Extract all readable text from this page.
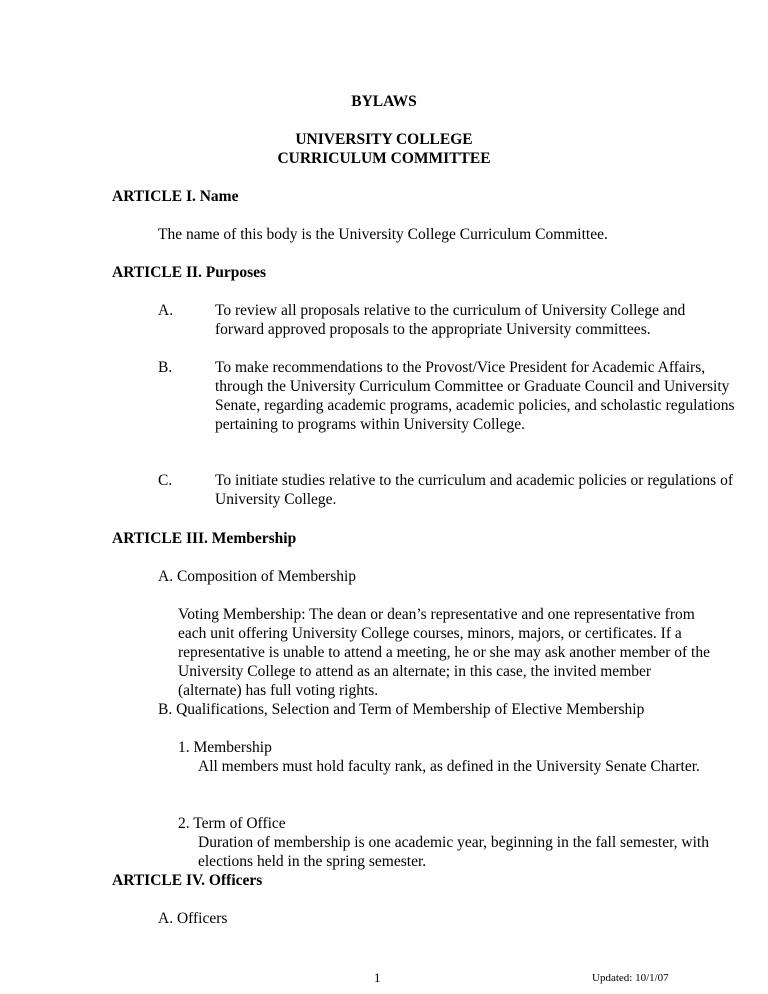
BYLAWS
UNIVERSITY COLLEGE
CURRICULUM COMMITTEE
ARTICLE I. Name
The name of this body is the University College Curriculum Committee.
ARTICLE II. Purposes
A.	To review all proposals relative to the curriculum of University College and forward approved proposals to the appropriate University committees.
B.	To make recommendations to the Provost/Vice President for Academic Affairs, through the University Curriculum Committee or Graduate Council and University Senate, regarding academic programs, academic policies, and scholastic regulations pertaining to programs within University College.
C.	To initiate studies relative to the curriculum and academic policies or regulations of University College.
ARTICLE III. Membership
A. Composition of Membership
Voting Membership: The dean or dean’s representative and one representative from each unit offering University College courses, minors, majors, or certificates. If a representative is unable to attend a meeting, he or she may ask another member of the University College to attend as an alternate; in this case, the invited member (alternate) has full voting rights.
B. Qualifications, Selection and Term of Membership of Elective Membership
1. Membership
All members must hold faculty rank, as defined in the University Senate Charter.
2. Term of Office
Duration of membership is one academic year, beginning in the fall semester, with elections held in the spring semester.
ARTICLE IV. Officers
A. Officers
1	Updated: 10/1/07
